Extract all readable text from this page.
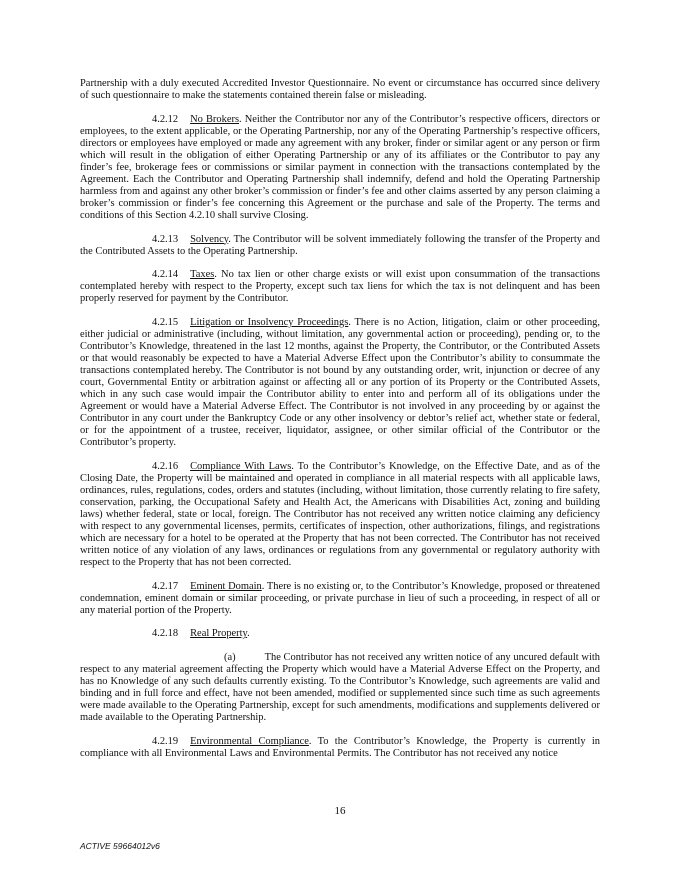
Partnership with a duly executed Accredited Investor Questionnaire. No event or circumstance has occurred since delivery of such questionnaire to make the statements contained therein false or misleading.

4.2.12 No Brokers. Neither the Contributor nor any of the Contributor’s respective officers, directors or employees, to the extent applicable, or the Operating Partnership, nor any of the Operating Partnership’s respective officers, directors or employees have employed or made any agreement with any broker, finder or similar agent or any person or firm which will result in the obligation of either Operating Partnership or any of its affiliates or the Contributor to pay any finder’s fee, brokerage fees or commissions or similar payment in connection with the transactions contemplated by the Agreement. Each the Contributor and Operating Partnership shall indemnify, defend and hold the Operating Partnership harmless from and against any other broker’s commission or finder’s fee and other claims asserted by any person claiming a broker’s commission or finder’s fee concerning this Agreement or the purchase and sale of the Property. The terms and conditions of this Section 4.2.10 shall survive Closing.

4.2.13 Solvency. The Contributor will be solvent immediately following the transfer of the Property and the Contributed Assets to the Operating Partnership.

4.2.14 Taxes. No tax lien or other charge exists or will exist upon consummation of the transactions contemplated hereby with respect to the Property, except such tax liens for which the tax is not delinquent and has been properly reserved for payment by the Contributor.

4.2.15 Litigation or Insolvency Proceedings. There is no Action, litigation, claim or other proceeding, either judicial or administrative (including, without limitation, any governmental action or proceeding), pending or, to the Contributor’s Knowledge, threatened in the last 12 months, against the Property, the Contributor, or the Contributed Assets or that would reasonably be expected to have a Material Adverse Effect upon the Contributor’s ability to consummate the transactions contemplated hereby. The Contributor is not bound by any outstanding order, writ, injunction or decree of any court, Governmental Entity or arbitration against or affecting all or any portion of its Property or the Contributed Assets, which in any such case would impair the Contributor ability to enter into and perform all of its obligations under the Agreement or would have a Material Adverse Effect. The Contributor is not involved in any proceeding by or against the Contributor in any court under the Bankruptcy Code or any other insolvency or debtor’s relief act, whether state or federal, or for the appointment of a trustee, receiver, liquidator, assignee, or other similar official of the Contributor or the Contributor’s property.

4.2.16 Compliance With Laws. To the Contributor’s Knowledge, on the Effective Date, and as of the Closing Date, the Property will be maintained and operated in compliance in all material respects with all applicable laws, ordinances, rules, regulations, codes, orders and statutes (including, without limitation, those currently relating to fire safety, conservation, parking, the Occupational Safety and Health Act, the Americans with Disabilities Act, zoning and building laws) whether federal, state or local, foreign. The Contributor has not received any written notice claiming any deficiency with respect to any governmental licenses, permits, certificates of inspection, other authorizations, filings, and registrations which are necessary for a hotel to be operated at the Property that has not been corrected. The Contributor has not received written notice of any violation of any laws, ordinances or regulations from any governmental or regulatory authority with respect to the Property that has not been corrected.

4.2.17 Eminent Domain. There is no existing or, to the Contributor’s Knowledge, proposed or threatened condemnation, eminent domain or similar proceeding, or private purchase in lieu of such a proceeding, in respect of all or any material portion of the Property.

4.2.18 Real Property.

(a)	The Contributor has not received any written notice of any uncured default with respect to any material agreement affecting the Property which would have a Material Adverse Effect on the Property, and has no Knowledge of any such defaults currently existing. To the Contributor’s Knowledge, such agreements are valid and binding and in full force and effect, have not been amended, modified or supplemented since such time as such agreements were made available to the Operating Partnership, except for such amendments, modifications and supplements delivered or made available to the Operating Partnership.

4.2.19 Environmental Compliance. To the Contributor’s Knowledge, the Property is currently in compliance with all Environmental Laws and Environmental Permits. The Contributor has not received any notice

16
ACTIVE 59664012v6
